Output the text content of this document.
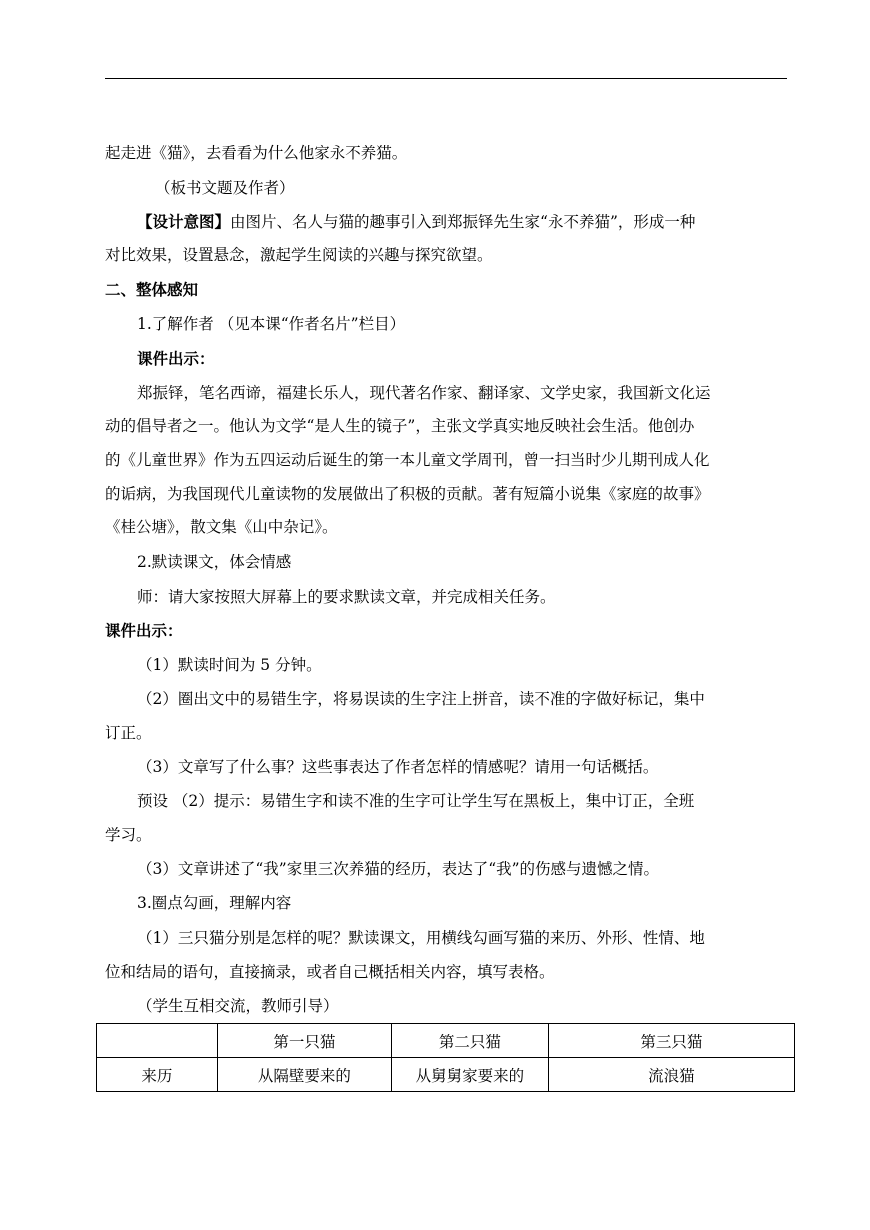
起走进《猫》，去看看为什么他家永不养猫。
（板书文题及作者）
【设计意图】由图片、名人与猫的趣事引入到郑振铎先生家“永不养猫”，形成一种
对比效果，设置悬念，激起学生阅读的兴趣与探究欲望。
二、整体感知
1.了解作者 （见本课“作者名片”栏目）
课件出示：
郑振铎，笔名西谛，福建长乐人，现代著名作家、翻译家、文学史家，我国新文化运
动的倡导者之一。他认为文学“是人生的镜子”，主张文学真实地反映社会生活。他创办
的《儿童世界》作为五四运动后诞生的第一本儿童文学周刊，曾一扫当时少儿期刊成人化
的诟病，为我国现代儿童读物的发展做出了积极的贡献。著有短篇小说集《家庭的故事》
《桂公塘》，散文集《山中杂记》。
2.默读课文，体会情感
师：请大家按照大屏幕上的要求默读文章，并完成相关任务。
课件出示：
（1）默读时间为 5 分钟。
（2）圈出文中的易错生字，将易误读的生字注上拼音，读不准的字做好标记，集中
订正。
（3）文章写了什么事？这些事表达了作者怎样的情感呢？请用一句话概括。
预设 （2）提示：易错生字和读不准的生字可让学生写在黑板上，集中订正，全班
学习。
（3）文章讲述了“我”家里三次养猫的经历，表达了“我”的伤感与遗憾之情。
3.圈点勾画，理解内容
（1）三只猫分别是怎样的呢？默读课文，用横线勾画写猫的来历、外形、性情、地
位和结局的语句，直接摘录，或者自己概括相关内容，填写表格。
（学生互相交流，教师引导）
	第一只猫	第二只猫	第三只猫
来历	从隔壁要来的	从舅舅家要来的	流浪猫
